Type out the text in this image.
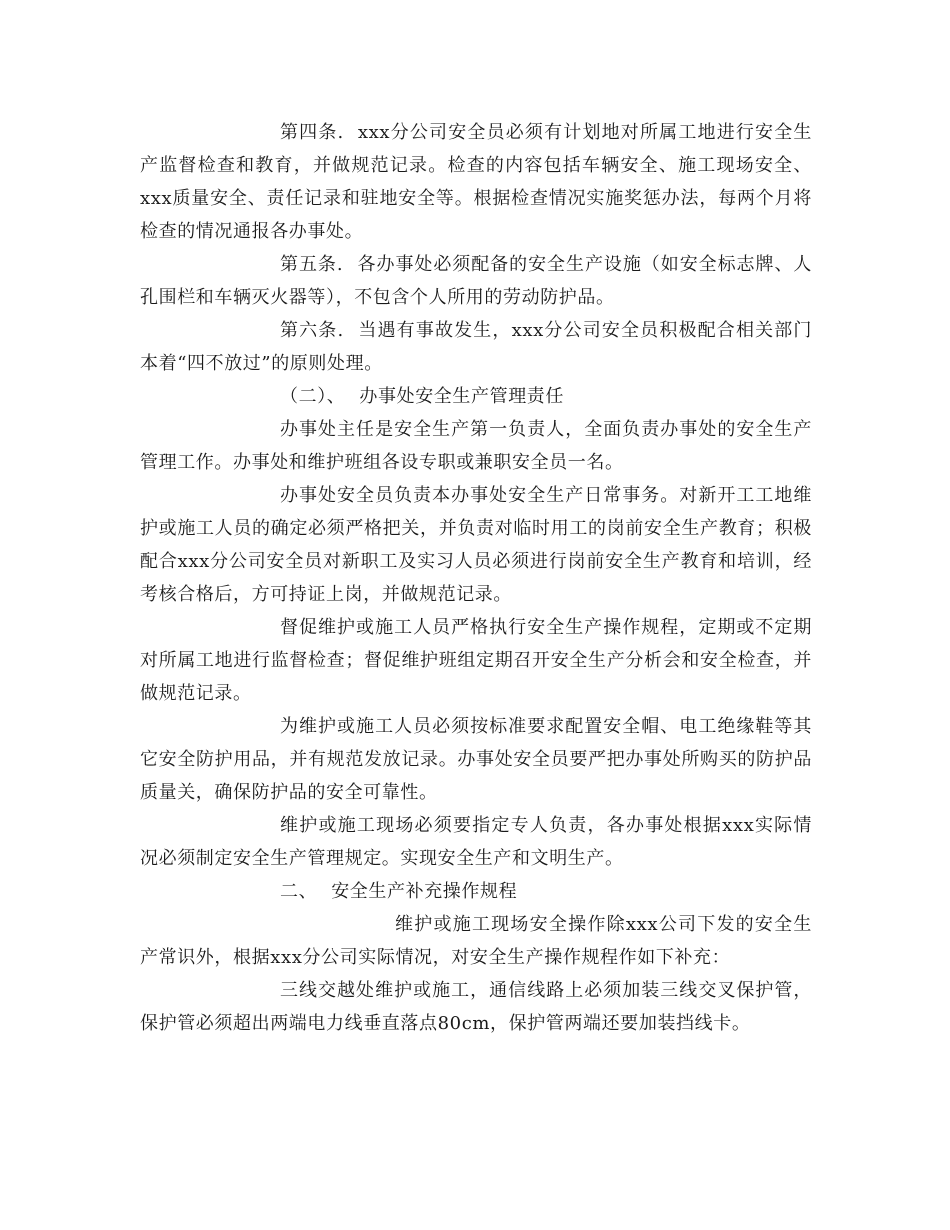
第四条. xxx分公司安全员必须有计划地对所属工地进行安全生产监督检查和教育，并做规范记录。检查的内容包括车辆安全、施工现场安全、xxx质量安全、责任记录和驻地安全等。根据检查情况实施奖惩办法，每两个月将检查的情况通报各办事处。

第五条. 各办事处必须配备的安全生产设施（如安全标志牌、人孔围栏和车辆灭火器等），不包含个人所用的劳动防护品。

第六条. 当遇有事故发生，xxx分公司安全员积极配合相关部门本着“四不放过”的原则处理。

（二）、 办事处安全生产管理责任

办事处主任是安全生产第一负责人，全面负责办事处的安全生产管理工作。办事处和维护班组各设专职或兼职安全员一名。

办事处安全员负责本办事处安全生产日常事务。对新开工工地维护或施工人员的确定必须严格把关，并负责对临时用工的岗前安全生产教育；积极配合xxx分公司安全员对新职工及实习人员必须进行岗前安全生产教育和培训，经考核合格后，方可持证上岗，并做规范记录。

督促维护或施工人员严格执行安全生产操作规程，定期或不定期对所属工地进行监督检查；督促维护班组定期召开安全生产分析会和安全检查，并做规范记录。

为维护或施工人员必须按标准要求配置安全帽、电工绝缘鞋等其它安全防护用品，并有规范发放记录。办事处安全员要严把办事处所购买的防护品质量关，确保防护品的安全可靠性。

维护或施工现场必须要指定专人负责，各办事处根据xxx实际情况必须制定安全生产管理规定。实现安全生产和文明生产。

二、 安全生产补充操作规程

维护或施工现场安全操作除xxx公司下发的安全生产常识外，根据xxx分公司实际情况，对安全生产操作规程作如下补充：

三线交越处维护或施工，通信线路上必须加装三线交叉保护管，保护管必须超出两端电力线垂直落点80cm，保护管两端还要加装挡线卡。
